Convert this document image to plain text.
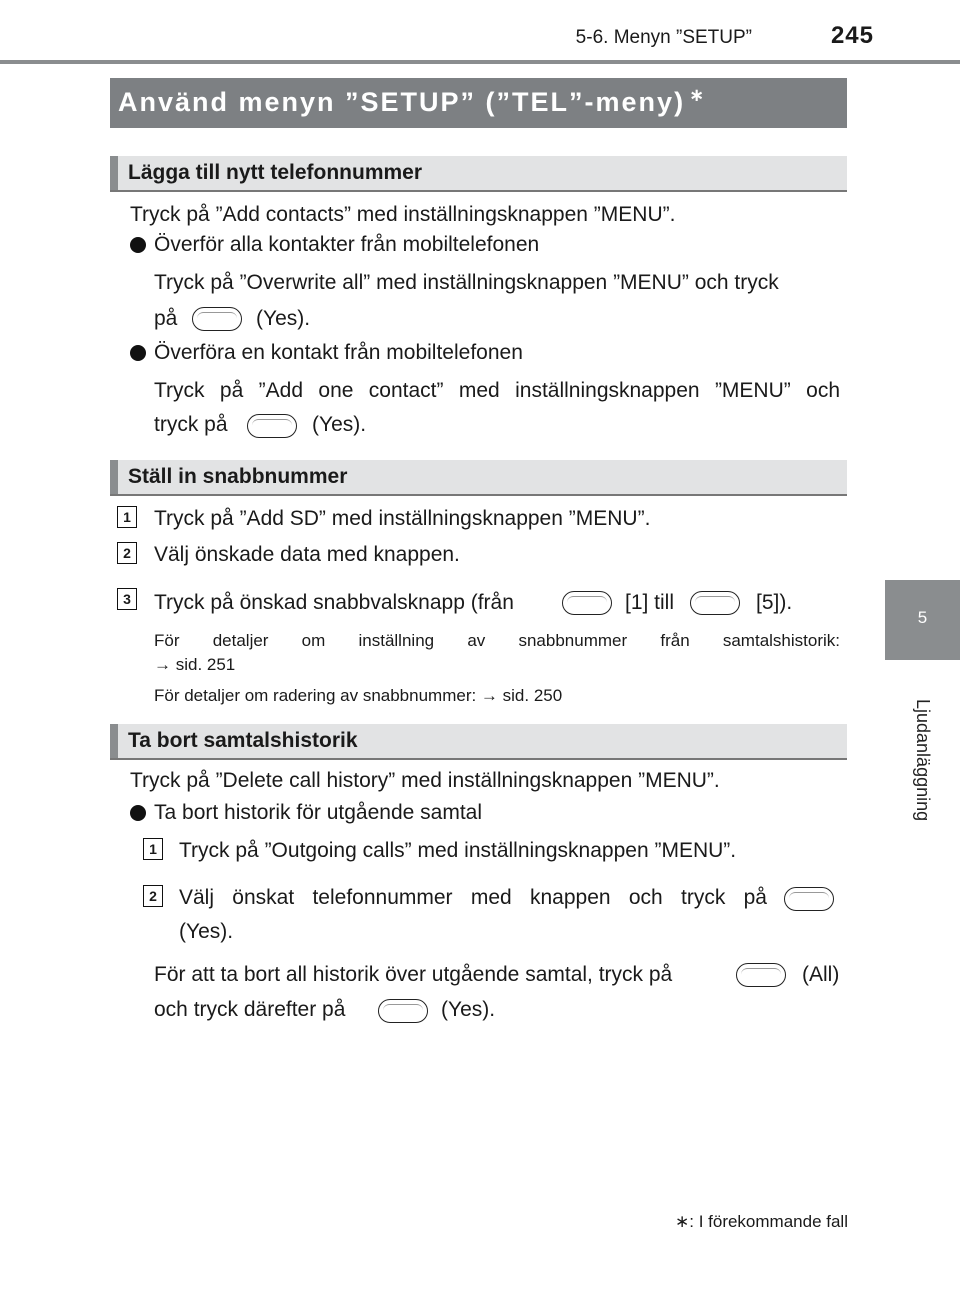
5-6. Menyn ”SETUP”	245
5
Ljudanläggning
Använd menyn ”SETUP” (”TEL”-meny) ∗
Lägga till nytt telefonnummer
Tryck på ”Add contacts” med inställningsknappen ”MENU”.
Överför alla kontakter från mobiltelefonen
Tryck på ”Overwrite all” med inställningsknappen ”MENU” och tryck
på	(Yes).
Överföra en kontakt från mobiltelefonen
Tryck på ”Add one contact” med inställningsknappen ”MENU” och
tryck på	(Yes).
Ställ in snabbnummer
1 Tryck på ”Add SD” med inställningsknappen ”MENU”.
2 Välj önskade data med knappen.
3 Tryck på önskad snabbvalsknapp (från	[1] till	[5]).
För detaljer om inställning av snabbnummer från samtalshistorik:
→ sid. 251
För detaljer om radering av snabbnummer: → sid. 250
Ta bort samtalshistorik
Tryck på ”Delete call history” med inställningsknappen ”MENU”.
Ta bort historik för utgående samtal
1 Tryck på ”Outgoing calls” med inställningsknappen ”MENU”.
2 Välj önskat telefonnummer med knappen och tryck på
(Yes).
För att ta bort all historik över utgående samtal, tryck på	(All)
och tryck därefter på	(Yes).
∗: I förekommande fall
